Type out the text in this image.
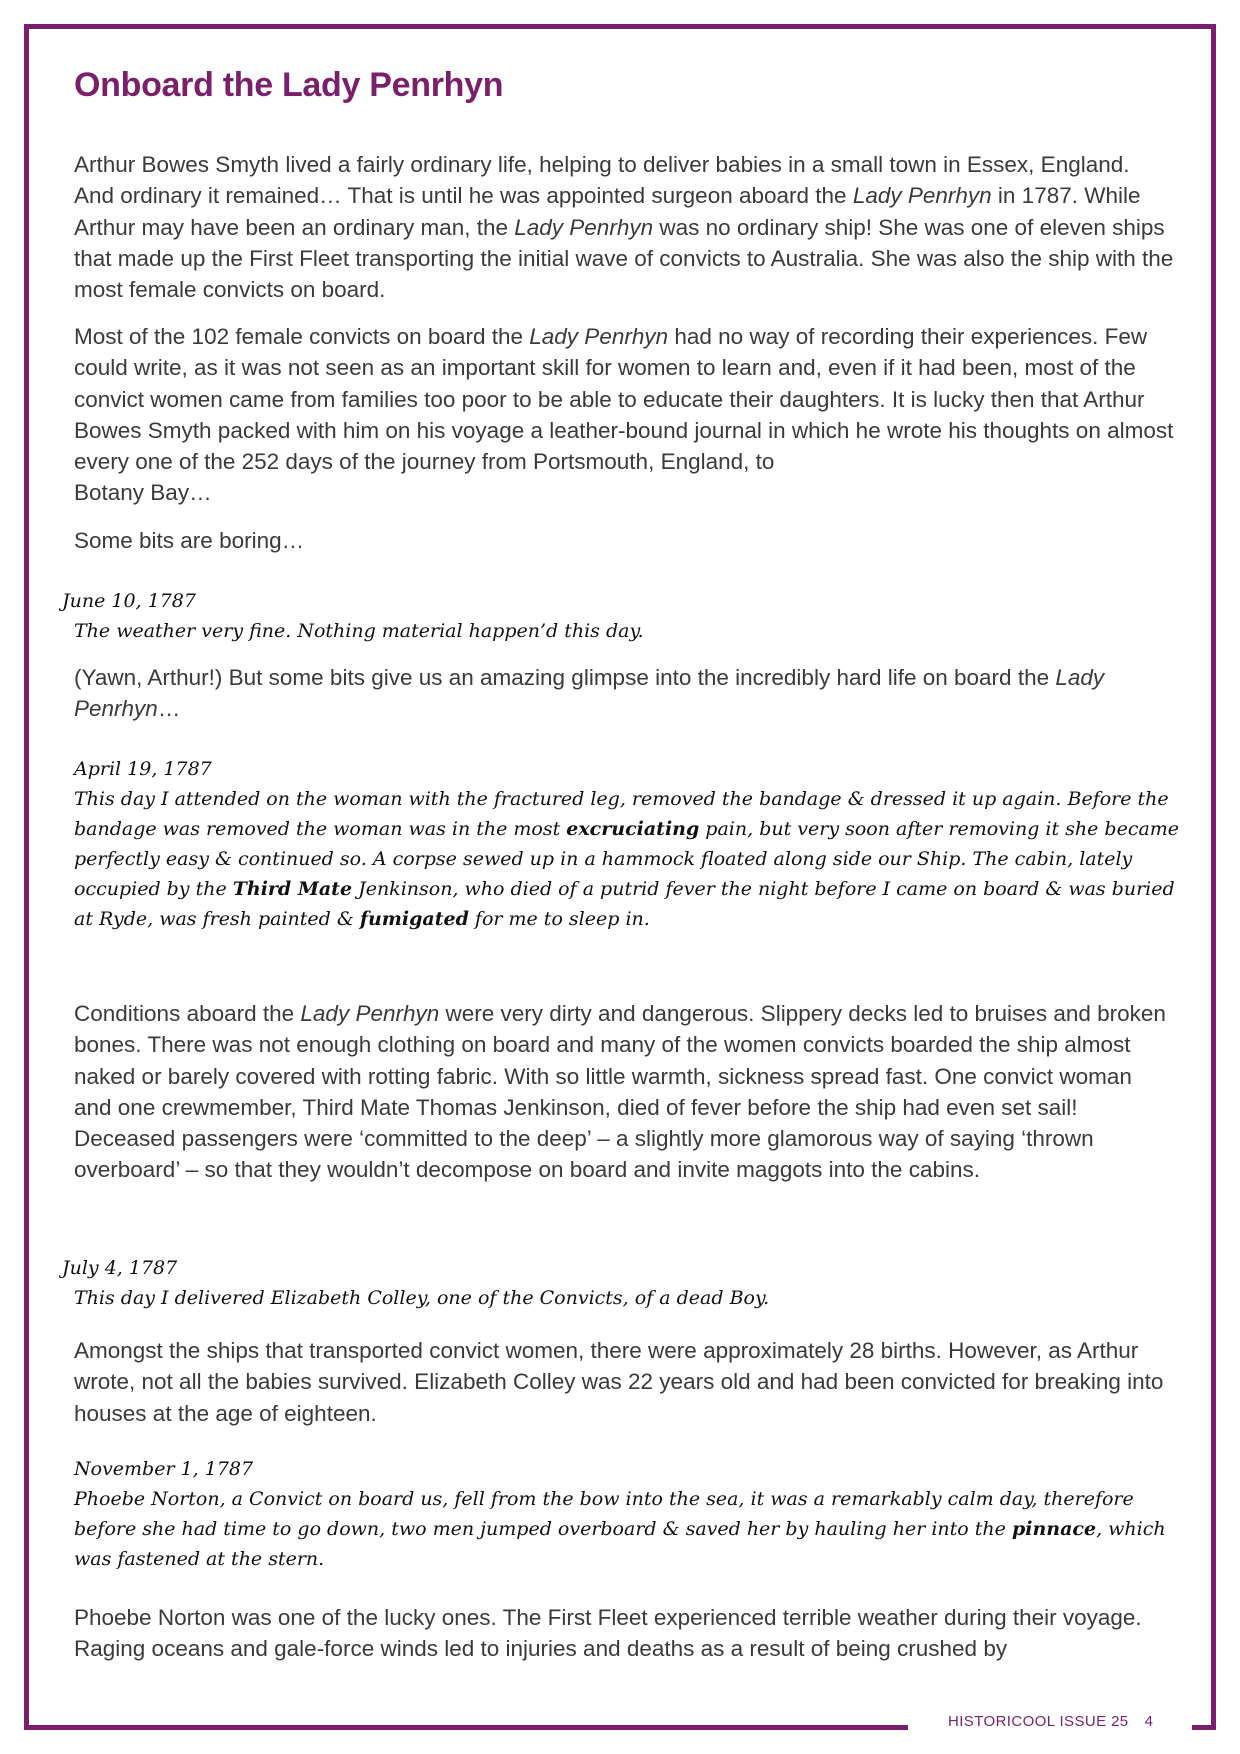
Onboard the Lady Penrhyn

Arthur Bowes Smyth lived a fairly ordinary life, helping to deliver babies in a small town in Essex, England. And ordinary it remained… That is until he was appointed surgeon aboard the Lady Penrhyn in 1787. While Arthur may have been an ordinary man, the Lady Penrhyn was no ordinary ship! She was one of eleven ships that made up the First Fleet transporting the initial wave of convicts to Australia. She was also the ship with the most female convicts on board.

Most of the 102 female convicts on board the Lady Penrhyn had no way of recording their experiences. Few could write, as it was not seen as an important skill for women to learn and, even if it had been, most of the convict women came from families too poor to be able to educate their daughters. It is lucky then that Arthur Bowes Smyth packed with him on his voyage a leather-bound journal in which he wrote his thoughts on almost every one of the 252 days of the journey from Portsmouth, England, to
Botany Bay…

Some bits are boring…

June 10, 1787
The weather very fine. Nothing material happen’d this day.

(Yawn, Arthur!) But some bits give us an amazing glimpse into the incredibly hard life on board the Lady Penrhyn…

April 19, 1787
This day I attended on the woman with the fractured leg, removed the bandage & dressed it up again. Before the bandage was removed the woman was in the most excruciating pain, but very soon after removing it she became perfectly easy & continued so. A corpse sewed up in a hammock floated along side our Ship. The cabin, lately occupied by the Third Mate Jenkinson, who died of a putrid fever the night before I came on board & was buried at Ryde, was fresh painted & fumigated for me to sleep in.

Conditions aboard the Lady Penrhyn were very dirty and dangerous. Slippery decks led to bruises and broken bones. There was not enough clothing on board and many of the women convicts boarded the ship almost naked or barely covered with rotting fabric. With so little warmth, sickness spread fast. One convict woman and one crewmember, Third Mate Thomas Jenkinson, died of fever before the ship had even set sail! Deceased passengers were ‘committed to the deep’ – a slightly more glamorous way of saying ‘thrown overboard’ – so that they wouldn’t decompose on board and invite maggots into the cabins.

July 4, 1787
This day I delivered Elizabeth Colley, one of the Convicts, of a dead Boy.

Amongst the ships that transported convict women, there were approximately 28 births. However, as Arthur wrote, not all the babies survived. Elizabeth Colley was 22 years old and had been convicted for breaking into houses at the age of eighteen.

November 1, 1787
Phoebe Norton, a Convict on board us, fell from the bow into the sea, it was a remarkably calm day, therefore before she had time to go down, two men jumped overboard & saved her by hauling her into the pinnace, which was fastened at the stern.

Phoebe Norton was one of the lucky ones. The First Fleet experienced terrible weather during their voyage. Raging oceans and gale-force winds led to injuries and deaths as a result of being crushed by

HISTORICOOL ISSUE 25 4
